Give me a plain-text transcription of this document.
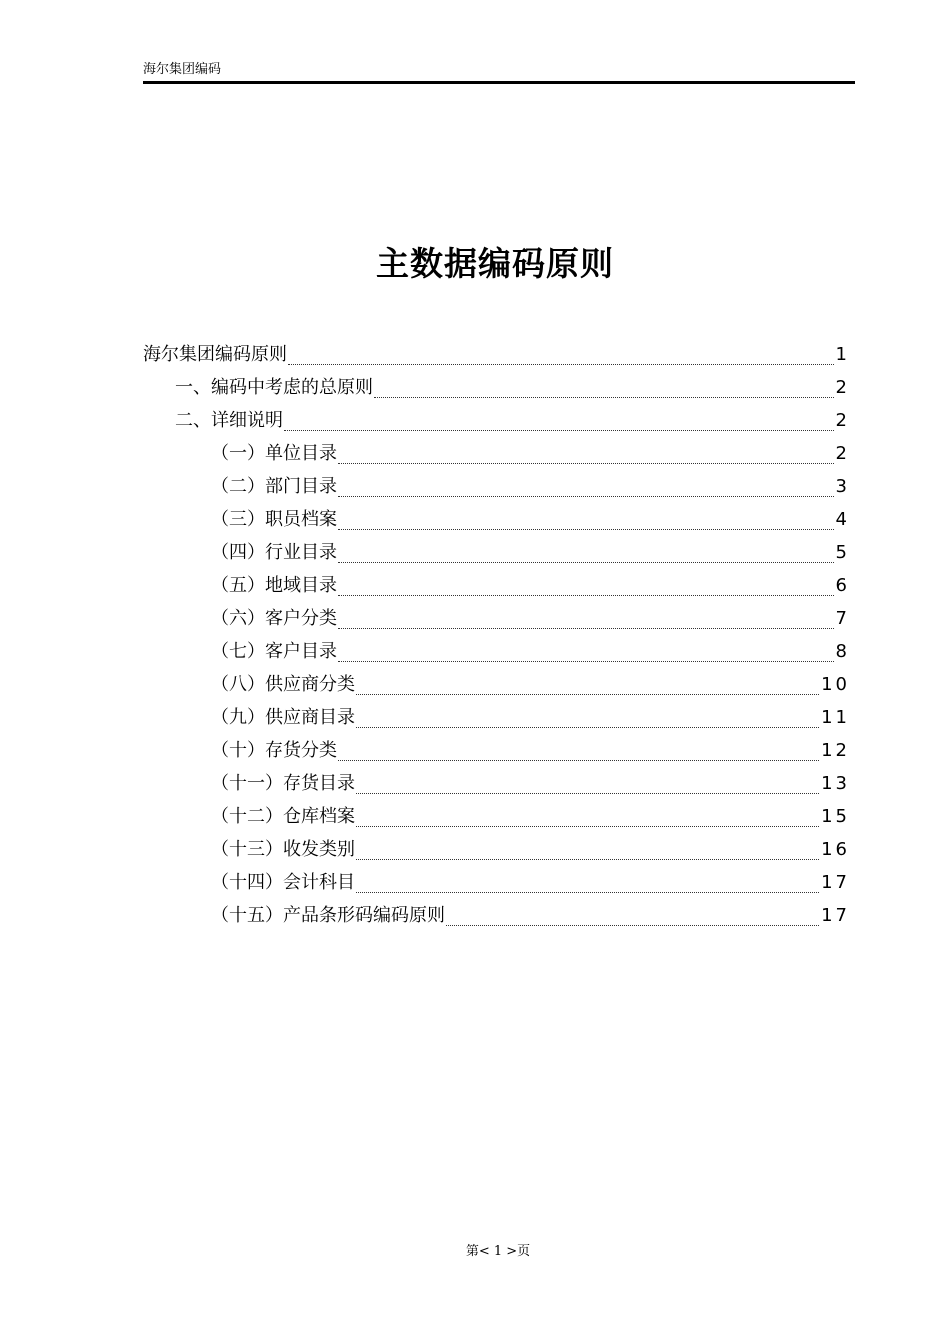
海尔集团编码
主数据编码原则
海尔集团编码原则	1
一、编码中考虑的总原则	2
二、详细说明	2
（一）单位目录	2
（二）部门目录	3
（三）职员档案	4
（四）行业目录	5
（五）地域目录	6
（六）客户分类	7
（七）客户目录	8
（八）供应商分类	10
（九）供应商目录	11
（十）存货分类	12
（十一）存货目录	13
（十二）仓库档案	15
（十三）收发类别	16
（十四）会计科目	17
（十五）产品条形码编码原则	17
第< 1 >页
